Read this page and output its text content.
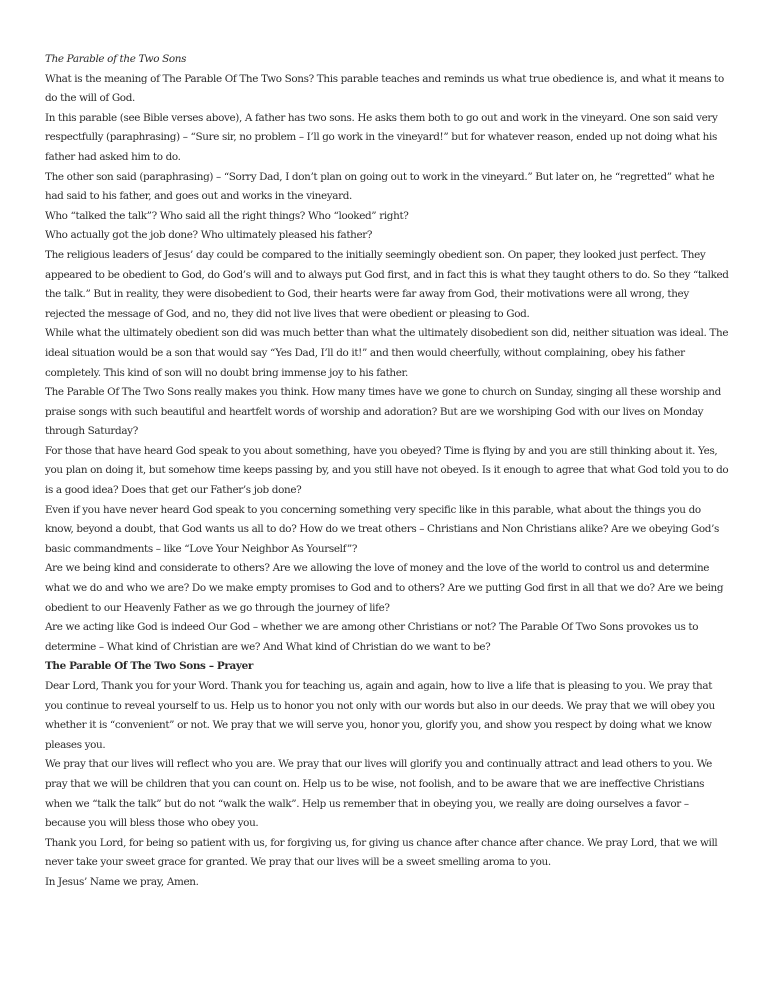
The Parable of the Two Sons

What is the meaning of The Parable Of The Two Sons? This parable teaches and reminds us what true obedience is, and what it means to do the will of God.

In this parable (see Bible verses above), A father has two sons. He asks them both to go out and work in the vineyard. One son said very respectfully (paraphrasing) – “Sure sir, no problem – I’ll go work in the vineyard!” but for whatever reason, ended up not doing what his father had asked him to do.

The other son said (paraphrasing) – “Sorry Dad, I don’t plan on going out to work in the vineyard.” But later on, he “regretted” what he had said to his father, and goes out and works in the vineyard.

Who “talked the talk”? Who said all the right things? Who “looked” right?

Who actually got the job done? Who ultimately pleased his father?

The religious leaders of Jesus’ day could be compared to the initially seemingly obedient son. On paper, they looked just perfect. They appeared to be obedient to God, do God’s will and to always put God first, and in fact this is what they taught others to do. So they “talked the talk.” But in reality, they were disobedient to God, their hearts were far away from God, their motivations were all wrong, they rejected the message of God, and no, they did not live lives that were obedient or pleasing to God.

While what the ultimately obedient son did was much better than what the ultimately disobedient son did, neither situation was ideal. The ideal situation would be a son that would say “Yes Dad, I’ll do it!” and then would cheerfully, without complaining, obey his father completely. This kind of son will no doubt bring immense joy to his father.

The Parable Of The Two Sons really makes you think. How many times have we gone to church on Sunday, singing all these worship and praise songs with such beautiful and heartfelt words of worship and adoration? But are we worshiping God with our lives on Monday through Saturday?

For those that have heard God speak to you about something, have you obeyed? Time is flying by and you are still thinking about it. Yes, you plan on doing it, but somehow time keeps passing by, and you still have not obeyed. Is it enough to agree that what God told you to do is a good idea? Does that get our Father’s job done?

Even if you have never heard God speak to you concerning something very specific like in this parable, what about the things you do know, beyond a doubt, that God wants us all to do? How do we treat others – Christians and Non Christians alike? Are we obeying God’s basic commandments – like “Love Your Neighbor As Yourself”?

Are we being kind and considerate to others? Are we allowing the love of money and the love of the world to control us and determine what we do and who we are? Do we make empty promises to God and to others? Are we putting God first in all that we do? Are we being obedient to our Heavenly Father as we go through the journey of life?

Are we acting like God is indeed Our God – whether we are among other Christians or not? The Parable Of Two Sons provokes us to determine – What kind of Christian are we? And What kind of Christian do we want to be?

The Parable Of The Two Sons – Prayer

Dear Lord, Thank you for your Word. Thank you for teaching us, again and again, how to live a life that is pleasing to you. We pray that you continue to reveal yourself to us. Help us to honor you not only with our words but also in our deeds. We pray that we will obey you whether it is “convenient” or not. We pray that we will serve you, honor you, glorify you, and show you respect by doing what we know pleases you.

We pray that our lives will reflect who you are. We pray that our lives will glorify you and continually attract and lead others to you. We pray that we will be children that you can count on. Help us to be wise, not foolish, and to be aware that we are ineffective Christians when we “talk the talk” but do not “walk the walk”. Help us remember that in obeying you, we really are doing ourselves a favor – because you will bless those who obey you.

Thank you Lord, for being so patient with us, for forgiving us, for giving us chance after chance after chance. We pray Lord, that we will never take your sweet grace for granted. We pray that our lives will be a sweet smelling aroma to you.

In Jesus’ Name we pray, Amen.
